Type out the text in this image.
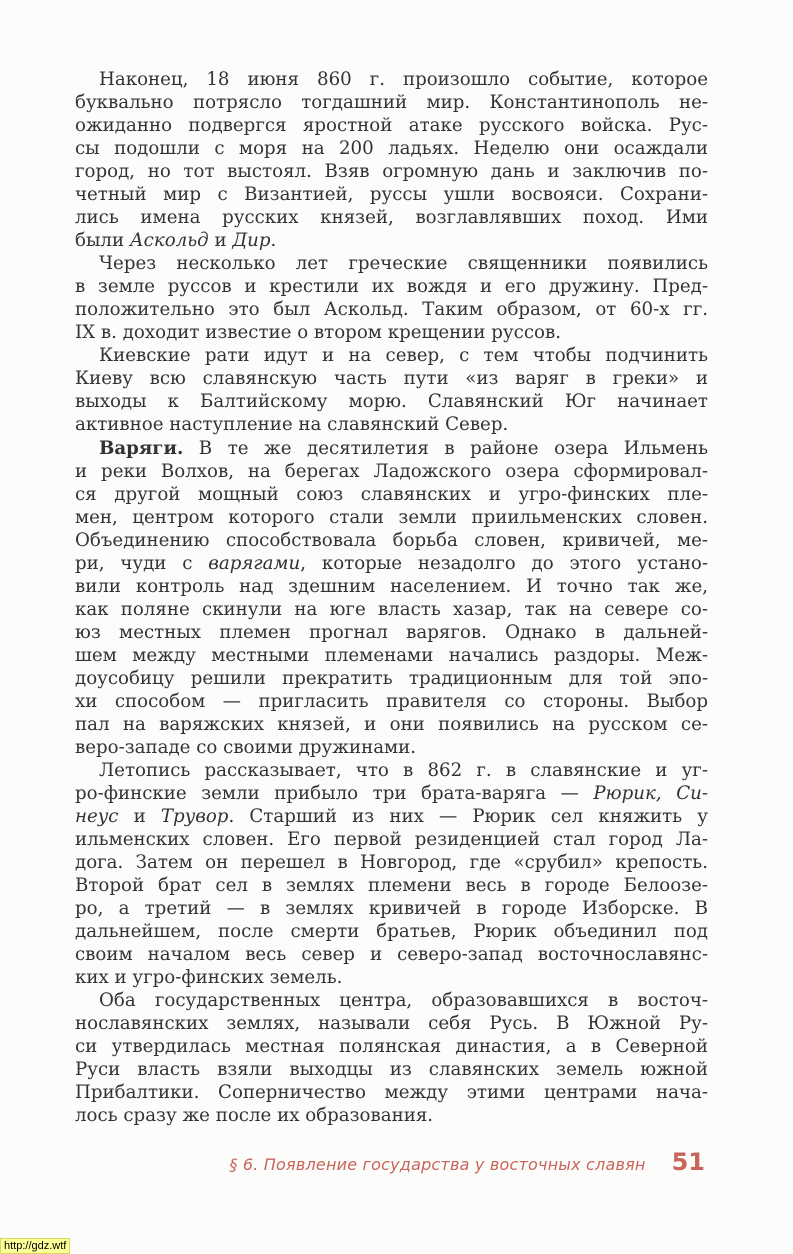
Наконец, 18 июня 860 г. произошло событие, которое
буквально потрясло тогдашний мир. Константинополь не-
ожиданно подвергся яростной атаке русского войска. Рус-
сы подошли с моря на 200 ладьях. Неделю они осаждали
город, но тот выстоял. Взяв огромную дань и заключив по-
четный мир с Византией, руссы ушли восвояси. Сохрани-
лись имена русских князей, возглавлявших поход. Ими
были Аскольд и Дир.
Через несколько лет греческие священники появились
в земле руссов и крестили их вождя и его дружину. Пред-
положительно это был Аскольд. Таким образом, от 60-х гг.
IX в. доходит известие о втором крещении руссов.
Киевские рати идут и на север, с тем чтобы подчинить
Киеву всю славянскую часть пути «из варяг в греки» и
выходы к Балтийскому морю. Славянский Юг начинает
активное наступление на славянский Север.
Варяги. В те же десятилетия в районе озера Ильмень
и реки Волхов, на берегах Ладожского озера сформировал-
ся другой мощный союз славянских и угро-финских пле-
мен, центром которого стали земли приильменских словен.
Объединению способствовала борьба словен, кривичей, ме-
ри, чуди с варягами, которые незадолго до этого устано-
вили контроль над здешним населением. И точно так же,
как поляне скинули на юге власть хазар, так на севере со-
юз местных племен прогнал варягов. Однако в дальней-
шем между местными племенами начались раздоры. Меж-
доусобицу решили прекратить традиционным для той эпо-
хи способом — пригласить правителя со стороны. Выбор
пал на варяжских князей, и они появились на русском се-
веро-западе со своими дружинами.
Летопись рассказывает, что в 862 г. в славянские и уг-
ро-финские земли прибыло три брата-варяга — Рюрик, Си-
неус и Трувор. Старший из них — Рюрик сел княжить у
ильменских словен. Его первой резиденцией стал город Ла-
дога. Затем он перешел в Новгород, где «срубил» крепость.
Второй брат сел в землях племени весь в городе Белоозе-
ро, а третий — в землях кривичей в городе Изборске. В
дальнейшем, после смерти братьев, Рюрик объединил под
своим началом весь север и северо-запад восточнославянс-
ких и угро-финских земель.
Оба государственных центра, образовавшихся в восточ-
нославянских землях, называли себя Русь. В Южной Ру-
си утвердилась местная полянская династия, а в Северной
Руси власть взяли выходцы из славянских земель южной
Прибалтики. Соперничество между этими центрами нача-
лось сразу же после их образования.
§ 6. Появление государства у восточных славян 51
http://gdz.wtf
